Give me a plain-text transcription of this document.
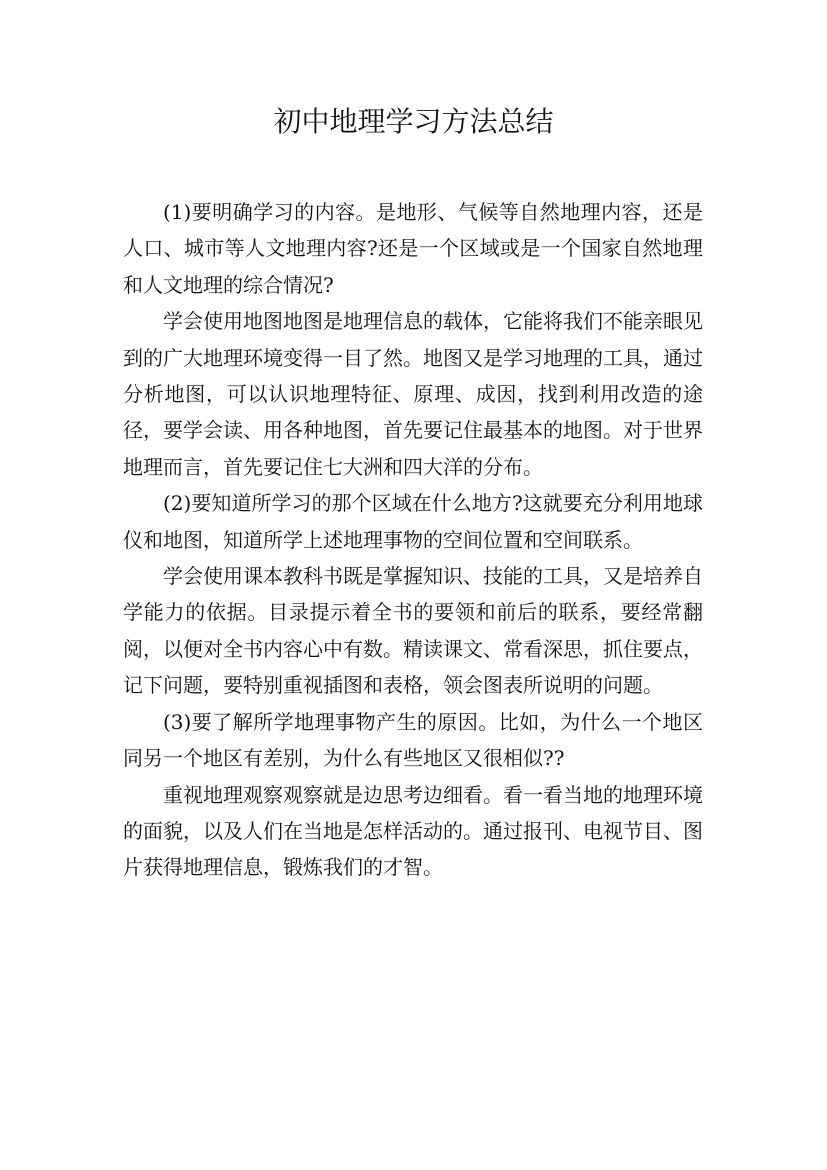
初中地理学习方法总结

(1)要明确学习的内容。是地形、气候等自然地理内容，还是人口、城市等人文地理内容?还是一个区域或是一个国家自然地理和人文地理的综合情况?

学会使用地图地图是地理信息的载体，它能将我们不能亲眼见到的广大地理环境变得一目了然。地图又是学习地理的工具，通过分析地图，可以认识地理特征、原理、成因，找到利用改造的途径，要学会读、用各种地图，首先要记住最基本的地图。对于世界地理而言，首先要记住七大洲和四大洋的分布。

(2)要知道所学习的那个区域在什么地方?这就要充分利用地球仪和地图，知道所学上述地理事物的空间位置和空间联系。

学会使用课本教科书既是掌握知识、技能的工具，又是培养自学能力的依据。目录提示着全书的要领和前后的联系，要经常翻阅，以便对全书内容心中有数。精读课文、常看深思，抓住要点，记下问题，要特别重视插图和表格，领会图表所说明的问题。

(3)要了解所学地理事物产生的原因。比如，为什么一个地区同另一个地区有差别，为什么有些地区又很相似??

重视地理观察观察就是边思考边细看。看一看当地的地理环境的面貌，以及人们在当地是怎样活动的。通过报刊、电视节目、图片获得地理信息，锻炼我们的才智。
